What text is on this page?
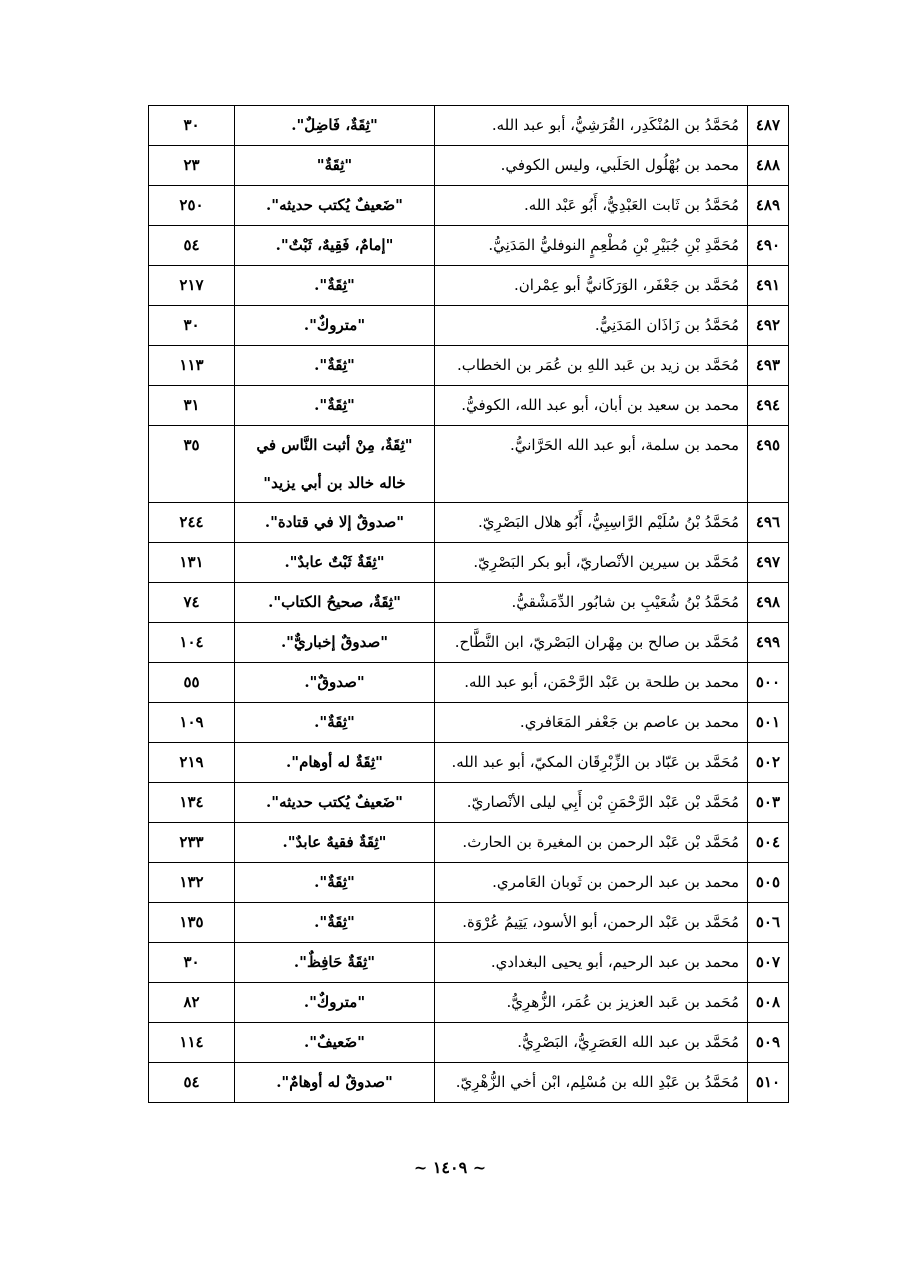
٤٨٧	مُحَمَّدُ بن المُنْكَدِر، القُرَشِيُّ، أبو عبد الله.	"ثِقَةٌ، فَاضِلٌ".	٣٠
٤٨٨	محمد بن بُهْلُول الحَلَبي، وليس الكوفي.	"ثِقَةٌ"	٢٣
٤٨٩	مُحَمَّدُ بن ثَابت العَبْدِيُّ، أَبُو عَبْد الله.	"ضَعيفٌ يُكتب حديثه".	٢٥٠
٤٩٠	مُحَمَّدِ بْنِ جُبَيْرِ بْنِ مُطْعِمٍ النوفليُّ المَدَنِيُّ.	"إمامٌ، فَقِيهٌ، ثَبْتٌ".	٥٤
٤٩١	مُحَمَّد بن جَعْفَر، الوَرَكَانيُّ أبو عِمْران.	"ثِقَةٌ".	٢١٧
٤٩٢	مُحَمَّدُ بن زَاذَان المَدَنِيُّ.	"متروكٌ".	٣٠
٤٩٣	مُحَمَّد بن زيد بن عَبد اللهِ بن عُمَر بن الخطاب.	"ثِقَةٌ".	١١٣
٤٩٤	محمد بن سعيد بن أبان، أبو عبد الله، الكوفيُّ.	"ثِقَةٌ".	٣١
٤٩٥	محمد بن سلمة، أبو عبد الله الحَرَّانيُّ.	"ثِقَةٌ، مِنْ أثبت النَّاس في خاله خالد بن أبي يزيد"	٣٥
٤٩٦	مُحَمَّدُ بْنُ سُلَيْم الرَّاسِبِيُّ، أَبُو هلال البَصْرِيّ.	"صدوقٌ إلا في قتادة".	٢٤٤
٤٩٧	مُحَمَّد بن سيرين الأنْصاريّ، أبو بكر البَصْرِيّ.	"ثِقَةٌ ثَبْتٌ عابدٌ".	١٣١
٤٩٨	مُحَمَّدُ بْنُ شُعَيْبِ بن شابُور الدِّمَشْقيُّ.	"ثِقَةٌ، صحيحُ الكتاب".	٧٤
٤٩٩	مُحَمَّد بن صالح بن مِهْران البَصْريّ، ابن النَّطَّاح.	"صدوقٌ إخباريٌّ".	١٠٤
٥٠٠	محمد بن طلحة بن عَبْد الرَّحْمَن، أبو عبد الله.	"صدوقٌ".	٥٥
٥٠١	محمد بن عاصم بن جَعْفر المَعَافري.	"ثِقَةٌ".	١٠٩
٥٠٢	مُحَمَّد بن عَبّاد بن الزِّبْرِقَان المكيّ، أبو عبد الله.	"ثِقَةٌ له أوهام".	٢١٩
٥٠٣	مُحَمَّد بْن عَبْد الرَّحْمَنِ بْن أَبِي ليلى الأنْصاريّ.	"ضَعيفٌ يُكتب حديثه".	١٣٤
٥٠٤	مُحَمَّد بْن عَبْد الرحمن بن المغيرة بن الحارث.	"ثِقَةٌ فقيهٌ عابدٌ".	٢٣٣
٥٠٥	محمد بن عبد الرحمن بن ثَوبان العَامري.	"ثِقَةٌ".	١٣٢
٥٠٦	مُحَمَّد بن عَبْد الرحمن، أبو الأسود، يَتِيمُ عُرْوَة.	"ثِقَةٌ".	١٣٥
٥٠٧	محمد بن عبد الرحيم، أبو يحيى البغدادي.	"ثِقَةٌ حَافِظٌ".	٣٠
٥٠٨	مُحَمد بن عَبد العزيز بن عُمَر، الزُّهرِيُّ.	"متروكٌ".	٨٢
٥٠٩	مُحَمَّد بن عبد الله العَصَرِيُّ، البَصْرِيُّ.	"ضَعيفٌ".	١١٤
٥١٠	مُحَمَّدُ بن عَبْدِ الله بن مُسْلِم، ابْن أخي الزُّهْرِيّ.	"صدوقٌ له أوهامٌ".	٥٤
~ ١٤٠٩ ~
